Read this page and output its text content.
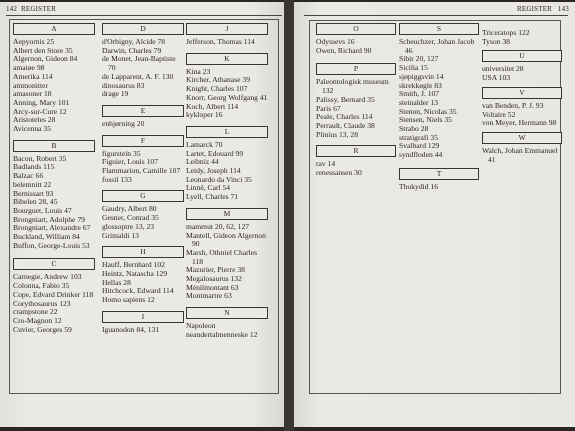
142 REGISTER	REGISTER 143
A
Aepyornis 25
Albert den Store 35
Algernon, Gideon 84
amatøe 98
Amerika 114
ammonitter
amasoner 18
Anning, Mary 101
Arcy-sur-Cure 12
Aristoteles 28
Avicenna 35
B
Bacon, Robert 35
Badlands 115
Balzac 66
belemnitt 22
Bernissart 93
Bibelen 28, 45
Bourguet, Louis 47
Brongniart, Adolphe 79
Brongniart, Alexandre 67
Buckland, William 84
Buffon, George-Louis 53
C
Carnegie, Andrew 103
Colonna, Fabio 35
Cope, Edvard Drinker 118
Corythosaurus 123
crampstone 22
Cro-Magnon 12
Cuvier, Georges 59
D
d'Orbigny, Alcide 78
Darwin, Charles 79
de Monet, Jean-Baptiste 70
de Lapparent, A. F. 130
dinosaurus 83
drage 19
E
enhjørning 20
F
figurstein 35
Figuier, Louis 107
Flammarion, Camille 107
fossil 133
G
Gaudry, Albert 80
Gesner, Conrad 35
glossoptre 13, 23
Grimaldi 13
H
Hauff, Bernhard 102
Heintz, Natascha 129
Hellas 28
Hitchcock, Edward 114
Homo sapiens 12
I
Iguanodon 84, 131
J
Jefferson, Thomas 114
K
Kina 23
Kircher, Athanase 39
Knight, Charles 107
Knorr, Georg Wolfgang 41
Koch, Albert 114
kykloper 16
L
Lamarck 70
Lartet, Edouard 99
Leibniz 44
Leidy, Joseph 114
Leonardo da Vinci 35
Linné, Carl 54
Lyell, Charles 71
M
mammut 20, 62, 127
Mantell, Gideon Algernon 90
Marsh, Othniel Charles 118
Mazurier, Pierre 38
Megalosaurus 132
Ménilmontant 63
Montmartre 63
N
Napoleon
neandertalmenneske 12
O
Odyssevs 16
Owen, Richard 90
P
Paleontologisk museum 132
Palissy, Bernard 35
Paris 67
Peale, Charles 114
Perrault, Claude 38
Plinius 13, 28
R
rav 14
renessansen 30
S
Scheuchzer, Johan Jacob 46
Sibir 20, 127
Sicilia 15
sjøpiggsvin 14
skrekkøgle 83
Smith, J. 107
steinalder 13
Stenon, Nicolas 35
Stensen, Niels 35
Strabo 28
stratigrafi 35
Svalbard 129
syndfloden 44
T
Thukydid 16
Triceratops 122
Tyson 38
U
universitet 28
USA 103
V
van Benden, P. J. 93
Voltaire 52
von Meyer, Hermann 98
W
Walch, Johan Emmanuel 41
